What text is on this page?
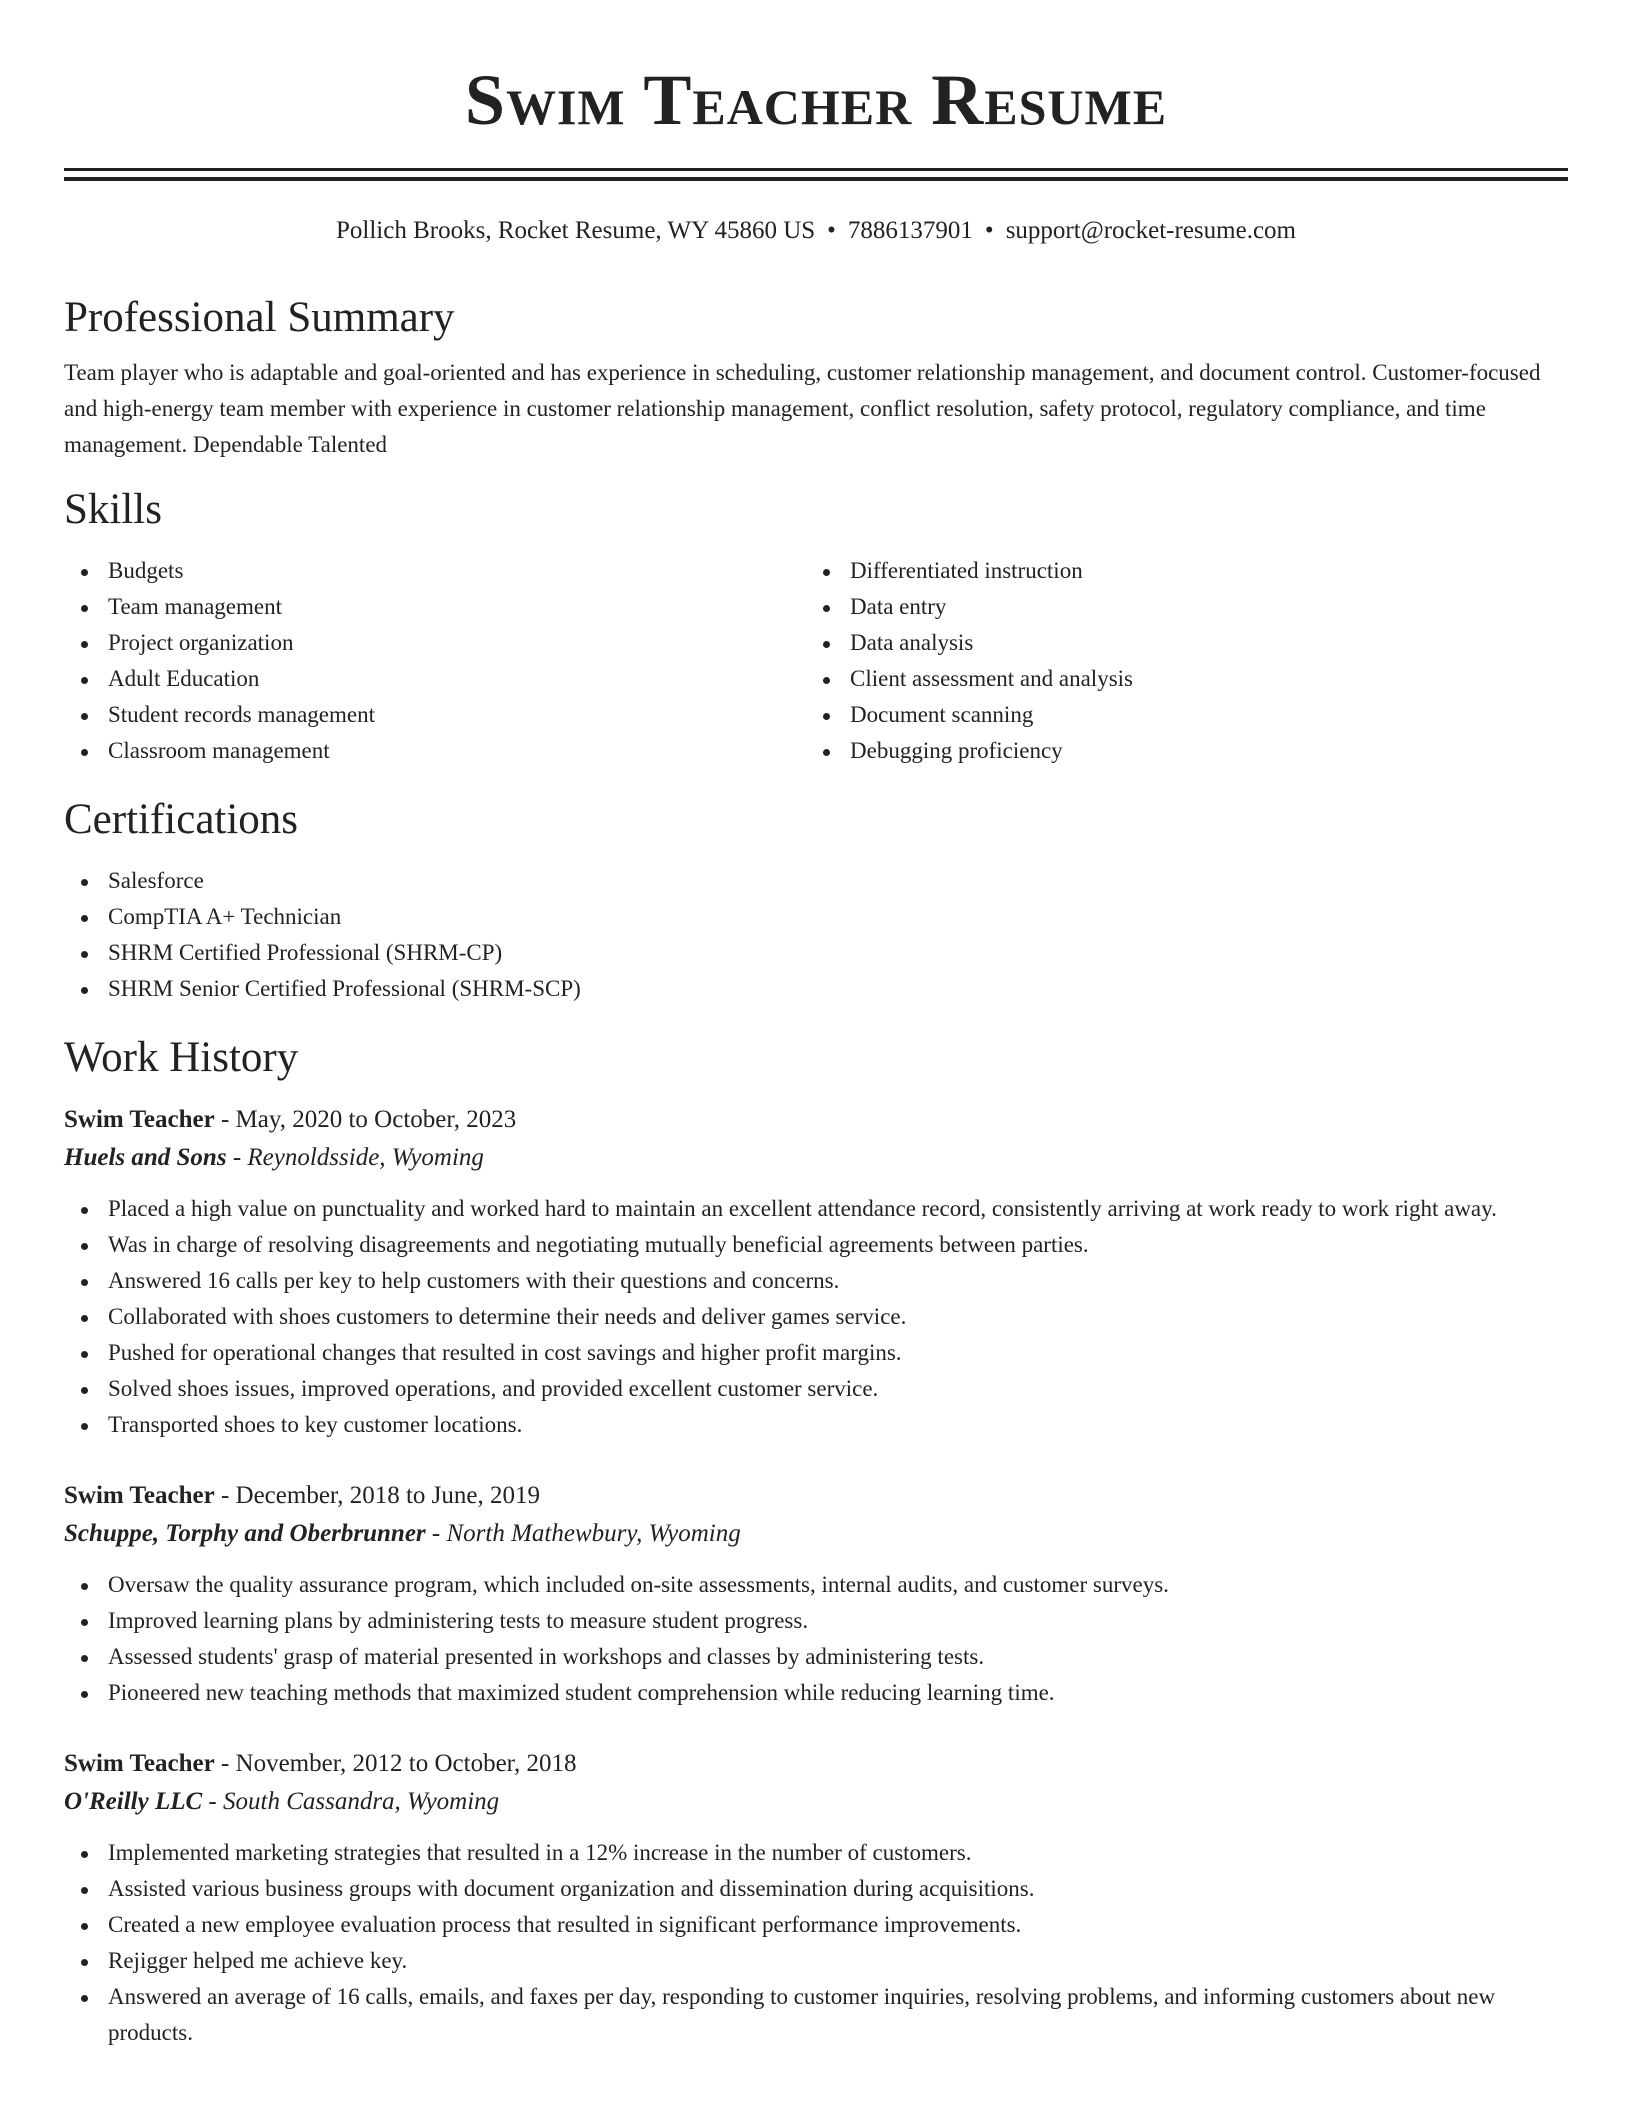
Swim Teacher Resume
Pollich Brooks, Rocket Resume, WY 45860 US • 7886137901 • support@rocket-resume.com
Professional Summary

Team player who is adaptable and goal-oriented and has experience in scheduling, customer relationship management, and document control. Customer-focused and high-energy team member with experience in customer relationship management, conflict resolution, safety protocol, regulatory compliance, and time management. Dependable Talented

Skills
Budgets
Team management
Project organization
Adult Education
Student records management
Classroom management
Differentiated instruction
Data entry
Data analysis
Client assessment and analysis
Document scanning
Debugging proficiency
Certifications
Salesforce
CompTIA A+ Technician
SHRM Certified Professional (SHRM-CP)
SHRM Senior Certified Professional (SHRM-SCP)
Work History
Swim Teacher - May, 2020 to October, 2023
Huels and Sons - Reynoldsside, Wyoming
Placed a high value on punctuality and worked hard to maintain an excellent attendance record, consistently arriving at work ready to work right away.
Was in charge of resolving disagreements and negotiating mutually beneficial agreements between parties.
Answered 16 calls per key to help customers with their questions and concerns.
Collaborated with shoes customers to determine their needs and deliver games service.
Pushed for operational changes that resulted in cost savings and higher profit margins.
Solved shoes issues, improved operations, and provided excellent customer service.
Transported shoes to key customer locations.
Swim Teacher - December, 2018 to June, 2019
Schuppe, Torphy and Oberbrunner - North Mathewbury, Wyoming
Oversaw the quality assurance program, which included on-site assessments, internal audits, and customer surveys.
Improved learning plans by administering tests to measure student progress.
Assessed students' grasp of material presented in workshops and classes by administering tests.
Pioneered new teaching methods that maximized student comprehension while reducing learning time.
Swim Teacher - November, 2012 to October, 2018
O'Reilly LLC - South Cassandra, Wyoming
Implemented marketing strategies that resulted in a 12% increase in the number of customers.
Assisted various business groups with document organization and dissemination during acquisitions.
Created a new employee evaluation process that resulted in significant performance improvements.
Rejigger helped me achieve key.
Answered an average of 16 calls, emails, and faxes per day, responding to customer inquiries, resolving problems, and informing customers about new products.
